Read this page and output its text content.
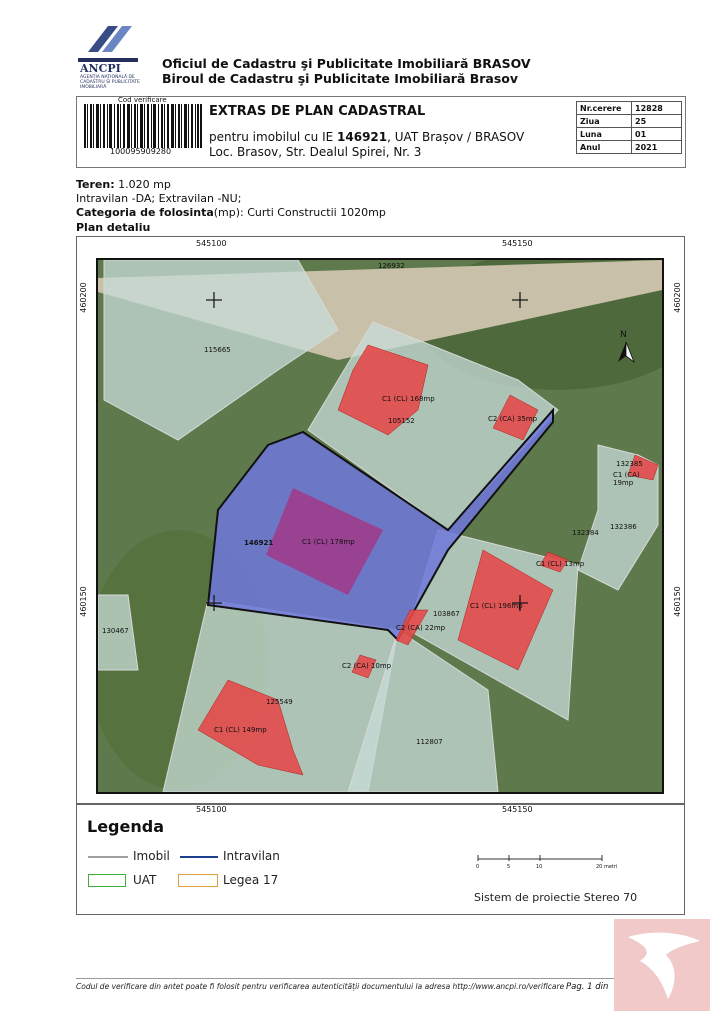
ANCPI
AGENȚIA NAȚIONALĂ DE CADASTRU ȘI PUBLICITATE IMOBILIARĂ
Oficiul de Cadastru şi Publicitate Imobiliară BRASOV
Biroul de Cadastru şi Publicitate Imobiliară Brasov
Cod verificare
100095909280
EXTRAS DE PLAN CADASTRAL
pentru imobilul cu IE 146921, UAT Brașov / BRASOV
Loc. Brasov, Str. Dealul Spirei, Nr. 3
Nr.cerere	12828
Ziua	25
Luna	01
Anul	2021
Teren: 1.020 mp
Intravilan -DA; Extravilan -NU;
Categoria de folosinta(mp): Curti Constructii 1020mp
Plan detaliu
545100	545150
545100	545150
460200
460150
460200
460150
N
126932
115665
105152
146921
132385
132384
132386
103867
130467
125549
112807
C1 (CL) 168mp
C2 (CA) 35mp
C1 (CL) 178mp
C1 (CA) 19mp
C1 (CL) 13mp
C1 (CL) 196mp
C2 (CA) 22mp
C2 (CA) 10mp
C1 (CL) 149mp
Legenda
Imobil	Intravilan
UAT	Legea 17
0	5	10	20 metri
Sistem de proiectie Stereo 70
Codul de verificare din antet poate fi folosit pentru verificarea autenticității documentului la adresa http://www.ancpi.ro/verificare Pag. 1 din
